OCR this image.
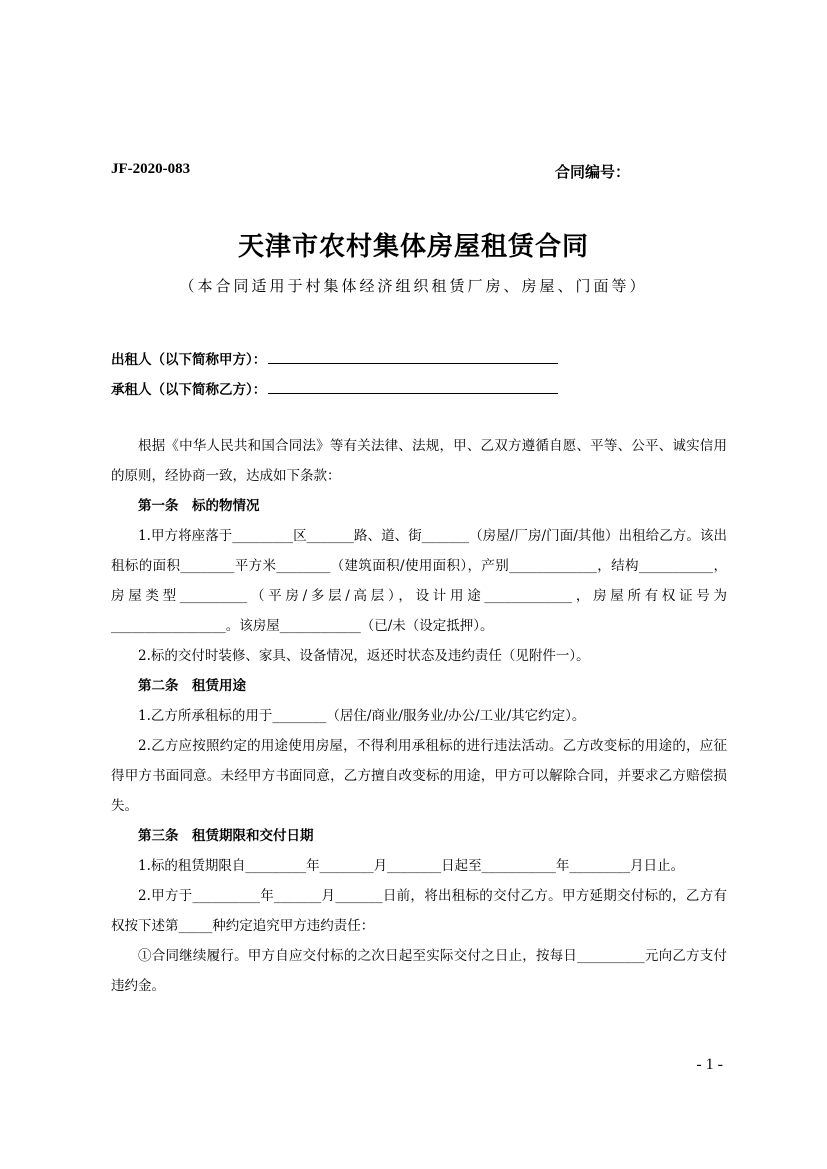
JF-2020-083	合同编号：
天津市农村集体房屋租赁合同
（本合同适用于村集体经济组织租赁厂房、房屋、门面等）
出租人（以下简称甲方）：
承租人（以下简称乙方）：

根据《中华人民共和国合同法》等有关法律、法规，甲、乙双方遵循自愿、平等、公平、诚实信用的原则，经协商一致，达成如下条款：

第一条　标的物情况

1.甲方将座落于_________区_______路、道、街_______（房屋/厂房/门面/其他）出租给乙方。该出租标的面积________平方米________（建筑面积/使用面积），产别_____________，结构___________，房屋类型__________（平房/多层/高层），设计用途_____________，房屋所有权证号为_________________。该房屋____________（已/未（设定抵押）。

2.标的交付时装修、家具、设备情况，返还时状态及违约责任（见附件一）。

第二条　租赁用途

1.乙方所承租标的用于________（居住/商业/服务业/办公/工业/其它约定）。

2.乙方应按照约定的用途使用房屋，不得利用承租标的进行违法活动。乙方改变标的用途的，应征得甲方书面同意。未经甲方书面同意，乙方擅自改变标的用途，甲方可以解除合同，并要求乙方赔偿损失。

第三条　租赁期限和交付日期

1.标的租赁期限自_________年________月________日起至___________年_________月日止。

2.甲方于__________年_______月_______日前，将出租标的交付乙方。甲方延期交付标的，乙方有权按下述第_____种约定追究甲方违约责任：

①合同继续履行。甲方自应交付标的之次日起至实际交付之日止，按每日__________元向乙方支付违约金。

- 1 -
